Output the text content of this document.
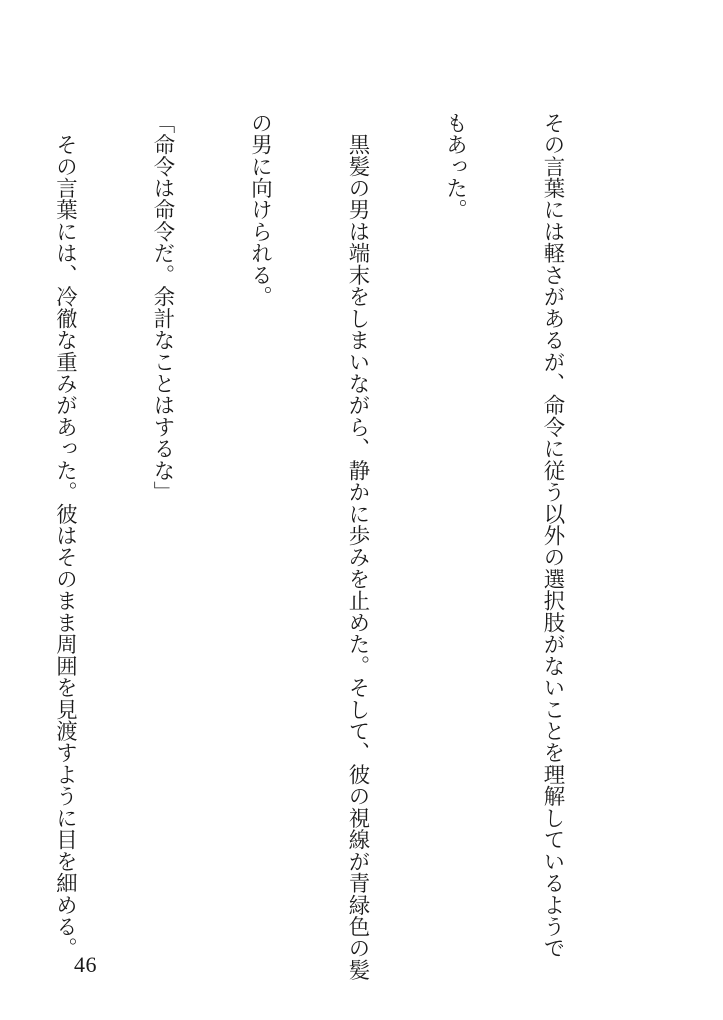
その言葉には軽さがあるが、命令に従う以外の選択肢がないことを理解しているようで

もあった。

　黒髪の男は端末をしまいながら、静かに歩みを止めた。そして、彼の視線が青緑色の髪

の男に向けられる。

「命令は命令だ。余計なことはするな」

　その言葉には、冷徹な重みがあった。彼はそのまま周囲を見渡すように目を細める。

46
